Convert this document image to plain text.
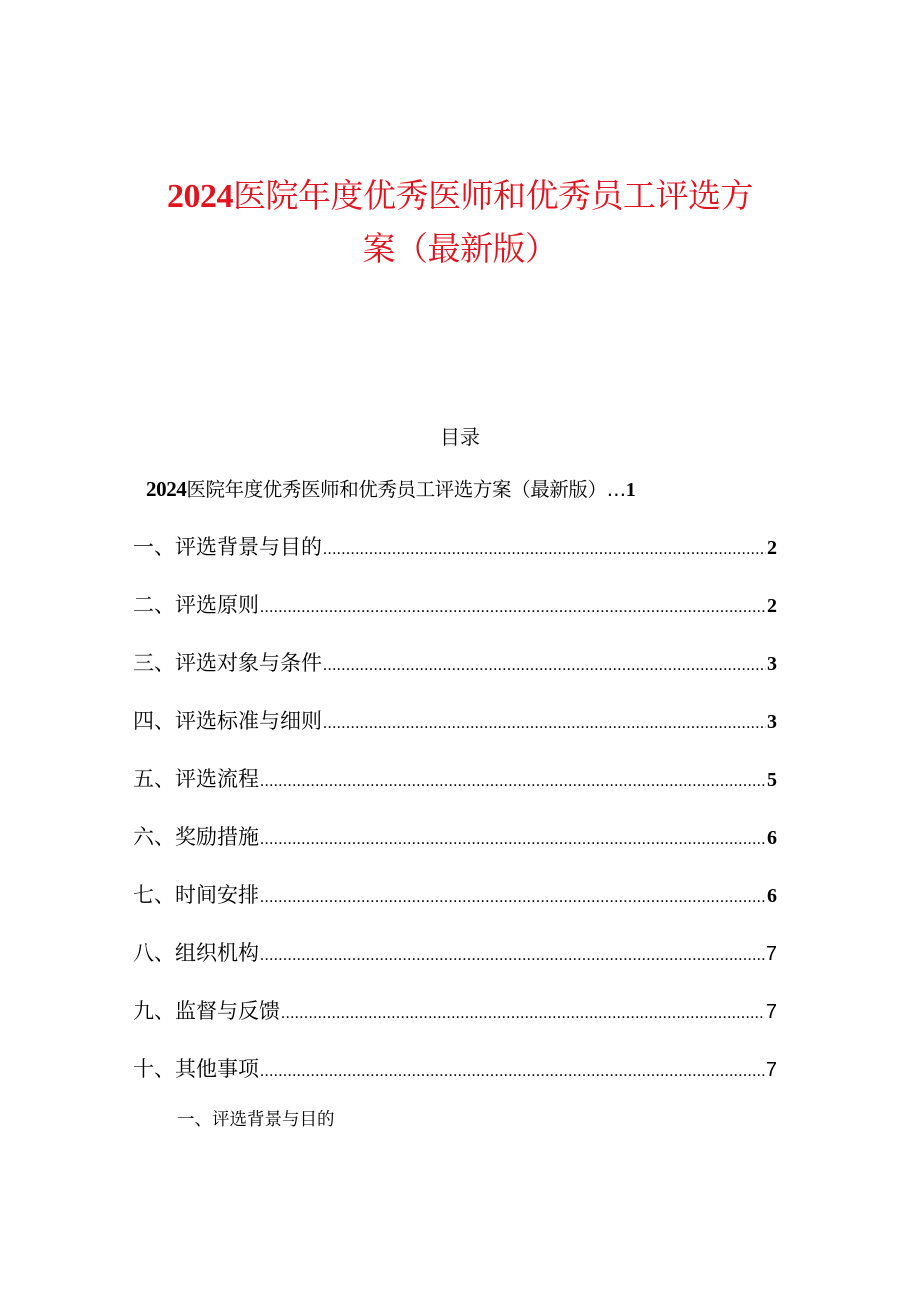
2024医院年度优秀医师和优秀员工评选方
案（最新版）
目录
2024医院年度优秀医师和优秀员工评选方案（最新版）… 1
一、评选背景与目的 .....	2
二、评选原则 .....	2
三、评选对象与条件 .....	3
四、评选标准与细则 .....	3
五、评选流程 .....	5
六、奖励措施 .....	6
七、时间安排 .....	6
八、组织机构 .....	7
九、监督与反馈 .....	7
十、其他事项 .....	7
一、评选背景与目的
